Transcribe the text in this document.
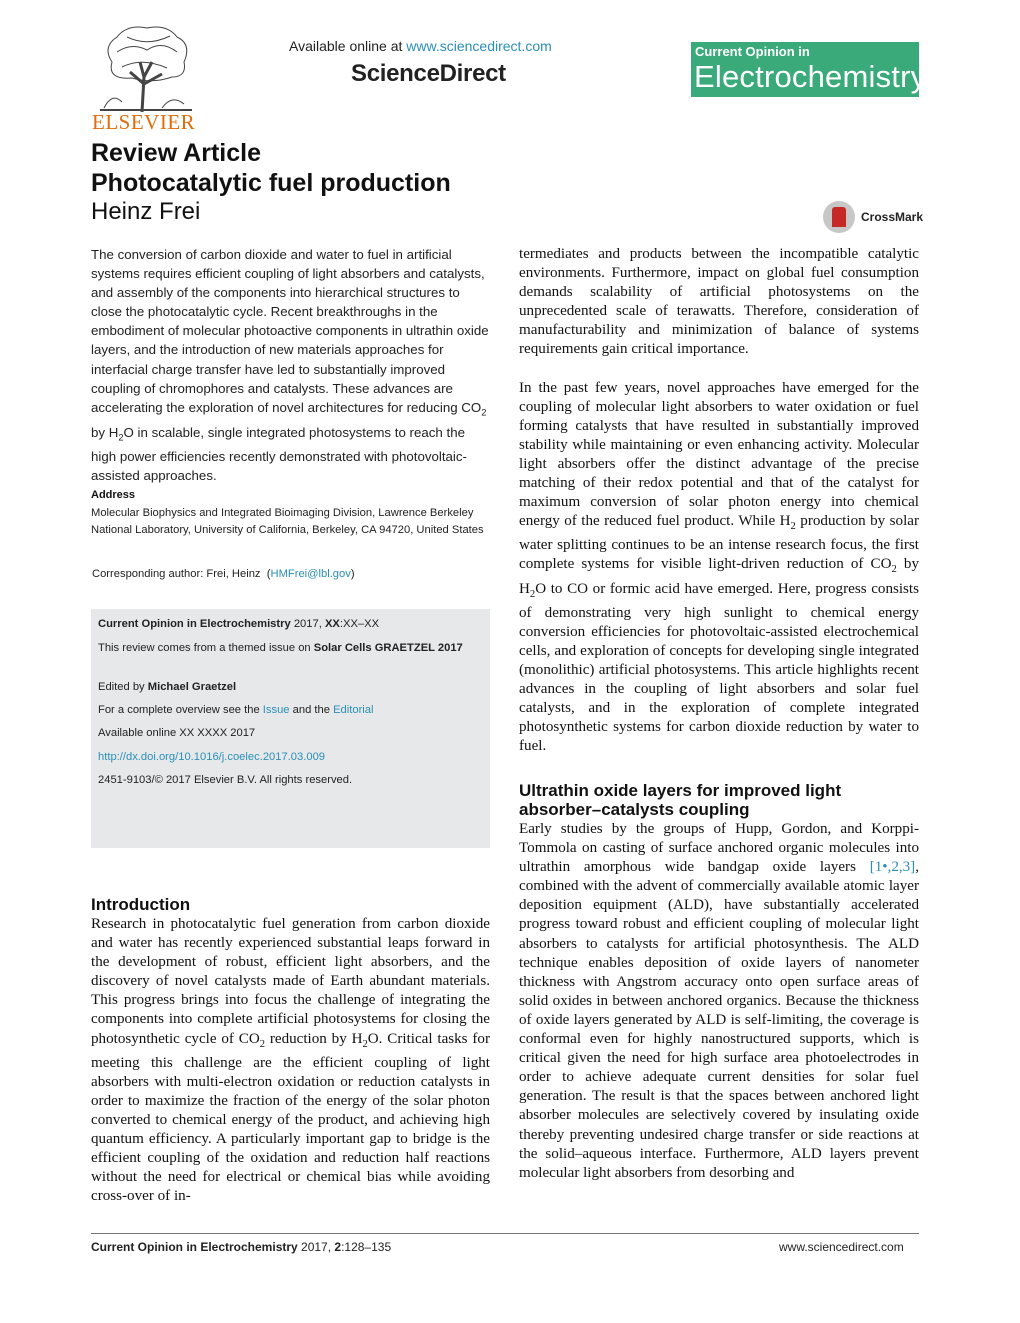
ELSEVIER
Available online at www.sciencedirect.com
ScienceDirect
Current Opinion in
Electrochemistry
Review Article
Photocatalytic fuel production
Heinz Frei	CrossMark
The conversion of carbon dioxide and water to fuel in artificial systems requires efficient coupling of light absorbers and catalysts, and assembly of the components into hierarchical structures to close the photocatalytic cycle. Recent breakthroughs in the embodiment of molecular photoactive components in ultrathin oxide layers, and the introduction of new materials approaches for interfacial charge transfer have led to substantially improved coupling of chromophores and catalysts. These advances are accelerating the exploration of novel architectures for reducing $CO_2$ by $H_2O$ in scalable, single integrated photosystems to reach the high power efficiencies recently demonstrated with photovoltaic-assisted approaches.
Address
Molecular Biophysics and Integrated Bioimaging Division, Lawrence Berkeley National Laboratory, University of California, Berkeley, CA 94720, United States
Corresponding author: Frei, Heinz (HMFrei@lbl.gov)
Current Opinion in Electrochemistry 2017, XX:XX–XX
This review comes from a themed issue on Solar Cells GRAETZEL 2017
Edited by Michael Graetzel
For a complete overview see the Issue and the Editorial
Available online XX XXXX 2017
http://dx.doi.org/10.1016/j.coelec.2017.03.009
2451-9103/© 2017 Elsevier B.V. All rights reserved.
Introduction
Research in photocatalytic fuel generation from carbon dioxide and water has recently experienced substantial leaps forward in the development of robust, efficient light absorbers, and the discovery of novel catalysts made of Earth abundant materials. This progress brings into focus the challenge of integrating the components into complete artificial photosystems for closing the photosynthetic cycle of $CO_2$ reduction by $H_2O$. Critical tasks for meeting this challenge are the efficient coupling of light absorbers with multi-electron oxidation or reduction catalysts in order to maximize the fraction of the energy of the solar photon converted to chemical energy of the product, and achieving high quantum efficiency. A particularly important gap to bridge is the efficient coupling of the oxidation and reduction half reactions without the need for electrical or chemical bias while avoiding cross-over of in-

termediates and products between the incompatible catalytic environments. Furthermore, impact on global fuel consumption demands scalability of artificial photosystems on the unprecedented scale of terawatts. Therefore, consideration of manufacturability and minimization of balance of systems requirements gain critical importance.

In the past few years, novel approaches have emerged for the coupling of molecular light absorbers to water oxidation or fuel forming catalysts that have resulted in substantially improved stability while maintaining or even enhancing activity. Molecular light absorbers offer the distinct advantage of the precise matching of their redox potential and that of the catalyst for maximum conversion of solar photon energy into chemical energy of the reduced fuel product. While $H_2$ production by solar water splitting continues to be an intense research focus, the first complete systems for visible light-driven reduction of $CO_2$ by $H_2O$ to CO or formic acid have emerged. Here, progress consists of demonstrating very high sunlight to chemical energy conversion efficiencies for photovoltaic-assisted electrochemical cells, and exploration of concepts for developing single integrated (monolithic) artificial photosystems. This article highlights recent advances in the coupling of light absorbers and solar fuel catalysts, and in the exploration of complete integrated photosynthetic systems for carbon dioxide reduction by water to fuel.

Ultrathin oxide layers for improved light absorber–catalysts coupling
Early studies by the groups of Hupp, Gordon, and Korppi-Tommola on casting of surface anchored organic molecules into ultrathin amorphous wide bandgap oxide layers [1•,2,3], combined with the advent of commercially available atomic layer deposition equipment (ALD), have substantially accelerated progress toward robust and efficient coupling of molecular light absorbers to catalysts for artificial photosynthesis. The ALD technique enables deposition of oxide layers of nanometer thickness with Angstrom accuracy onto open surface areas of solid oxides in between anchored organics. Because the thickness of oxide layers generated by ALD is self-limiting, the coverage is conformal even for highly nanostructured supports, which is critical given the need for high surface area photoelectrodes in order to achieve adequate current densities for solar fuel generation. The result is that the spaces between anchored light absorber molecules are selectively covered by insulating oxide thereby preventing undesired charge transfer or side reactions at the solid–aqueous interface. Furthermore, ALD layers prevent molecular light absorbers from desorbing and
Current Opinion in Electrochemistry 2017, 2:128–135	www.sciencedirect.com
